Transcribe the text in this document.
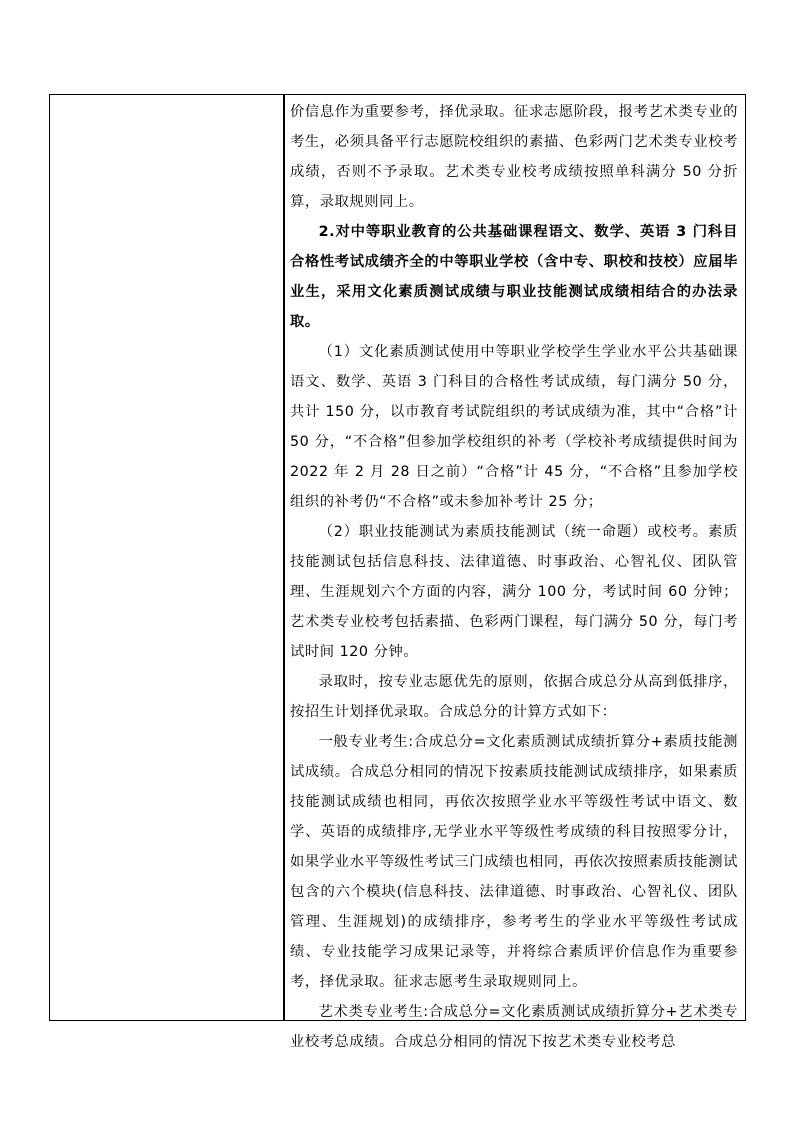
价信息作为重要参考，择优录取。征求志愿阶段，报考艺术类专业的考生，必须具备平行志愿院校组织的素描、色彩两门艺术类专业校考成绩，否则不予录取。艺术类专业校考成绩按照单科满分 50 分折算，录取规则同上。

2.对中等职业教育的公共基础课程语文、数学、英语 3 门科目合格性考试成绩齐全的中等职业学校（含中专、职校和技校）应届毕业生，采用文化素质测试成绩与职业技能测试成绩相结合的办法录取。

（1）文化素质测试使用中等职业学校学生学业水平公共基础课语文、数学、英语 3 门科目的合格性考试成绩，每门满分 50 分，共计 150 分，以市教育考试院组织的考试成绩为准，其中“合格”计 50 分，“不合格”但参加学校组织的补考（学校补考成绩提供时间为 2022 年 2 月 28 日之前）“合格”计 45 分，“不合格”且参加学校组织的补考仍“不合格”或未参加补考计 25 分；

（2）职业技能测试为素质技能测试（统一命题）或校考。素质技能测试包括信息科技、法律道德、时事政治、心智礼仪、团队管理、生涯规划六个方面的内容，满分 100 分，考试时间 60 分钟；艺术类专业校考包括素描、色彩两门课程，每门满分 50 分，每门考试时间 120 分钟。

录取时，按专业志愿优先的原则，依据合成总分从高到低排序，按招生计划择优录取。合成总分的计算方式如下：

一般专业考生:合成总分=文化素质测试成绩折算分+素质技能测试成绩。合成总分相同的情况下按素质技能测试成绩排序，如果素质技能测试成绩也相同，再依次按照学业水平等级性考试中语文、数学、英语的成绩排序,无学业水平等级性考成绩的科目按照零分计，如果学业水平等级性考试三门成绩也相同，再依次按照素质技能测试包含的六个模块(信息科技、法律道德、时事政治、心智礼仪、团队管理、生涯规划)的成绩排序，参考考生的学业水平等级性考试成绩、专业技能学习成果记录等，并将综合素质评价信息作为重要参考，择优录取。征求志愿考生录取规则同上。

艺术类专业考生:合成总分=文化素质测试成绩折算分+艺术类专业校考总成绩。合成总分相同的情况下按艺术类专业校考总
